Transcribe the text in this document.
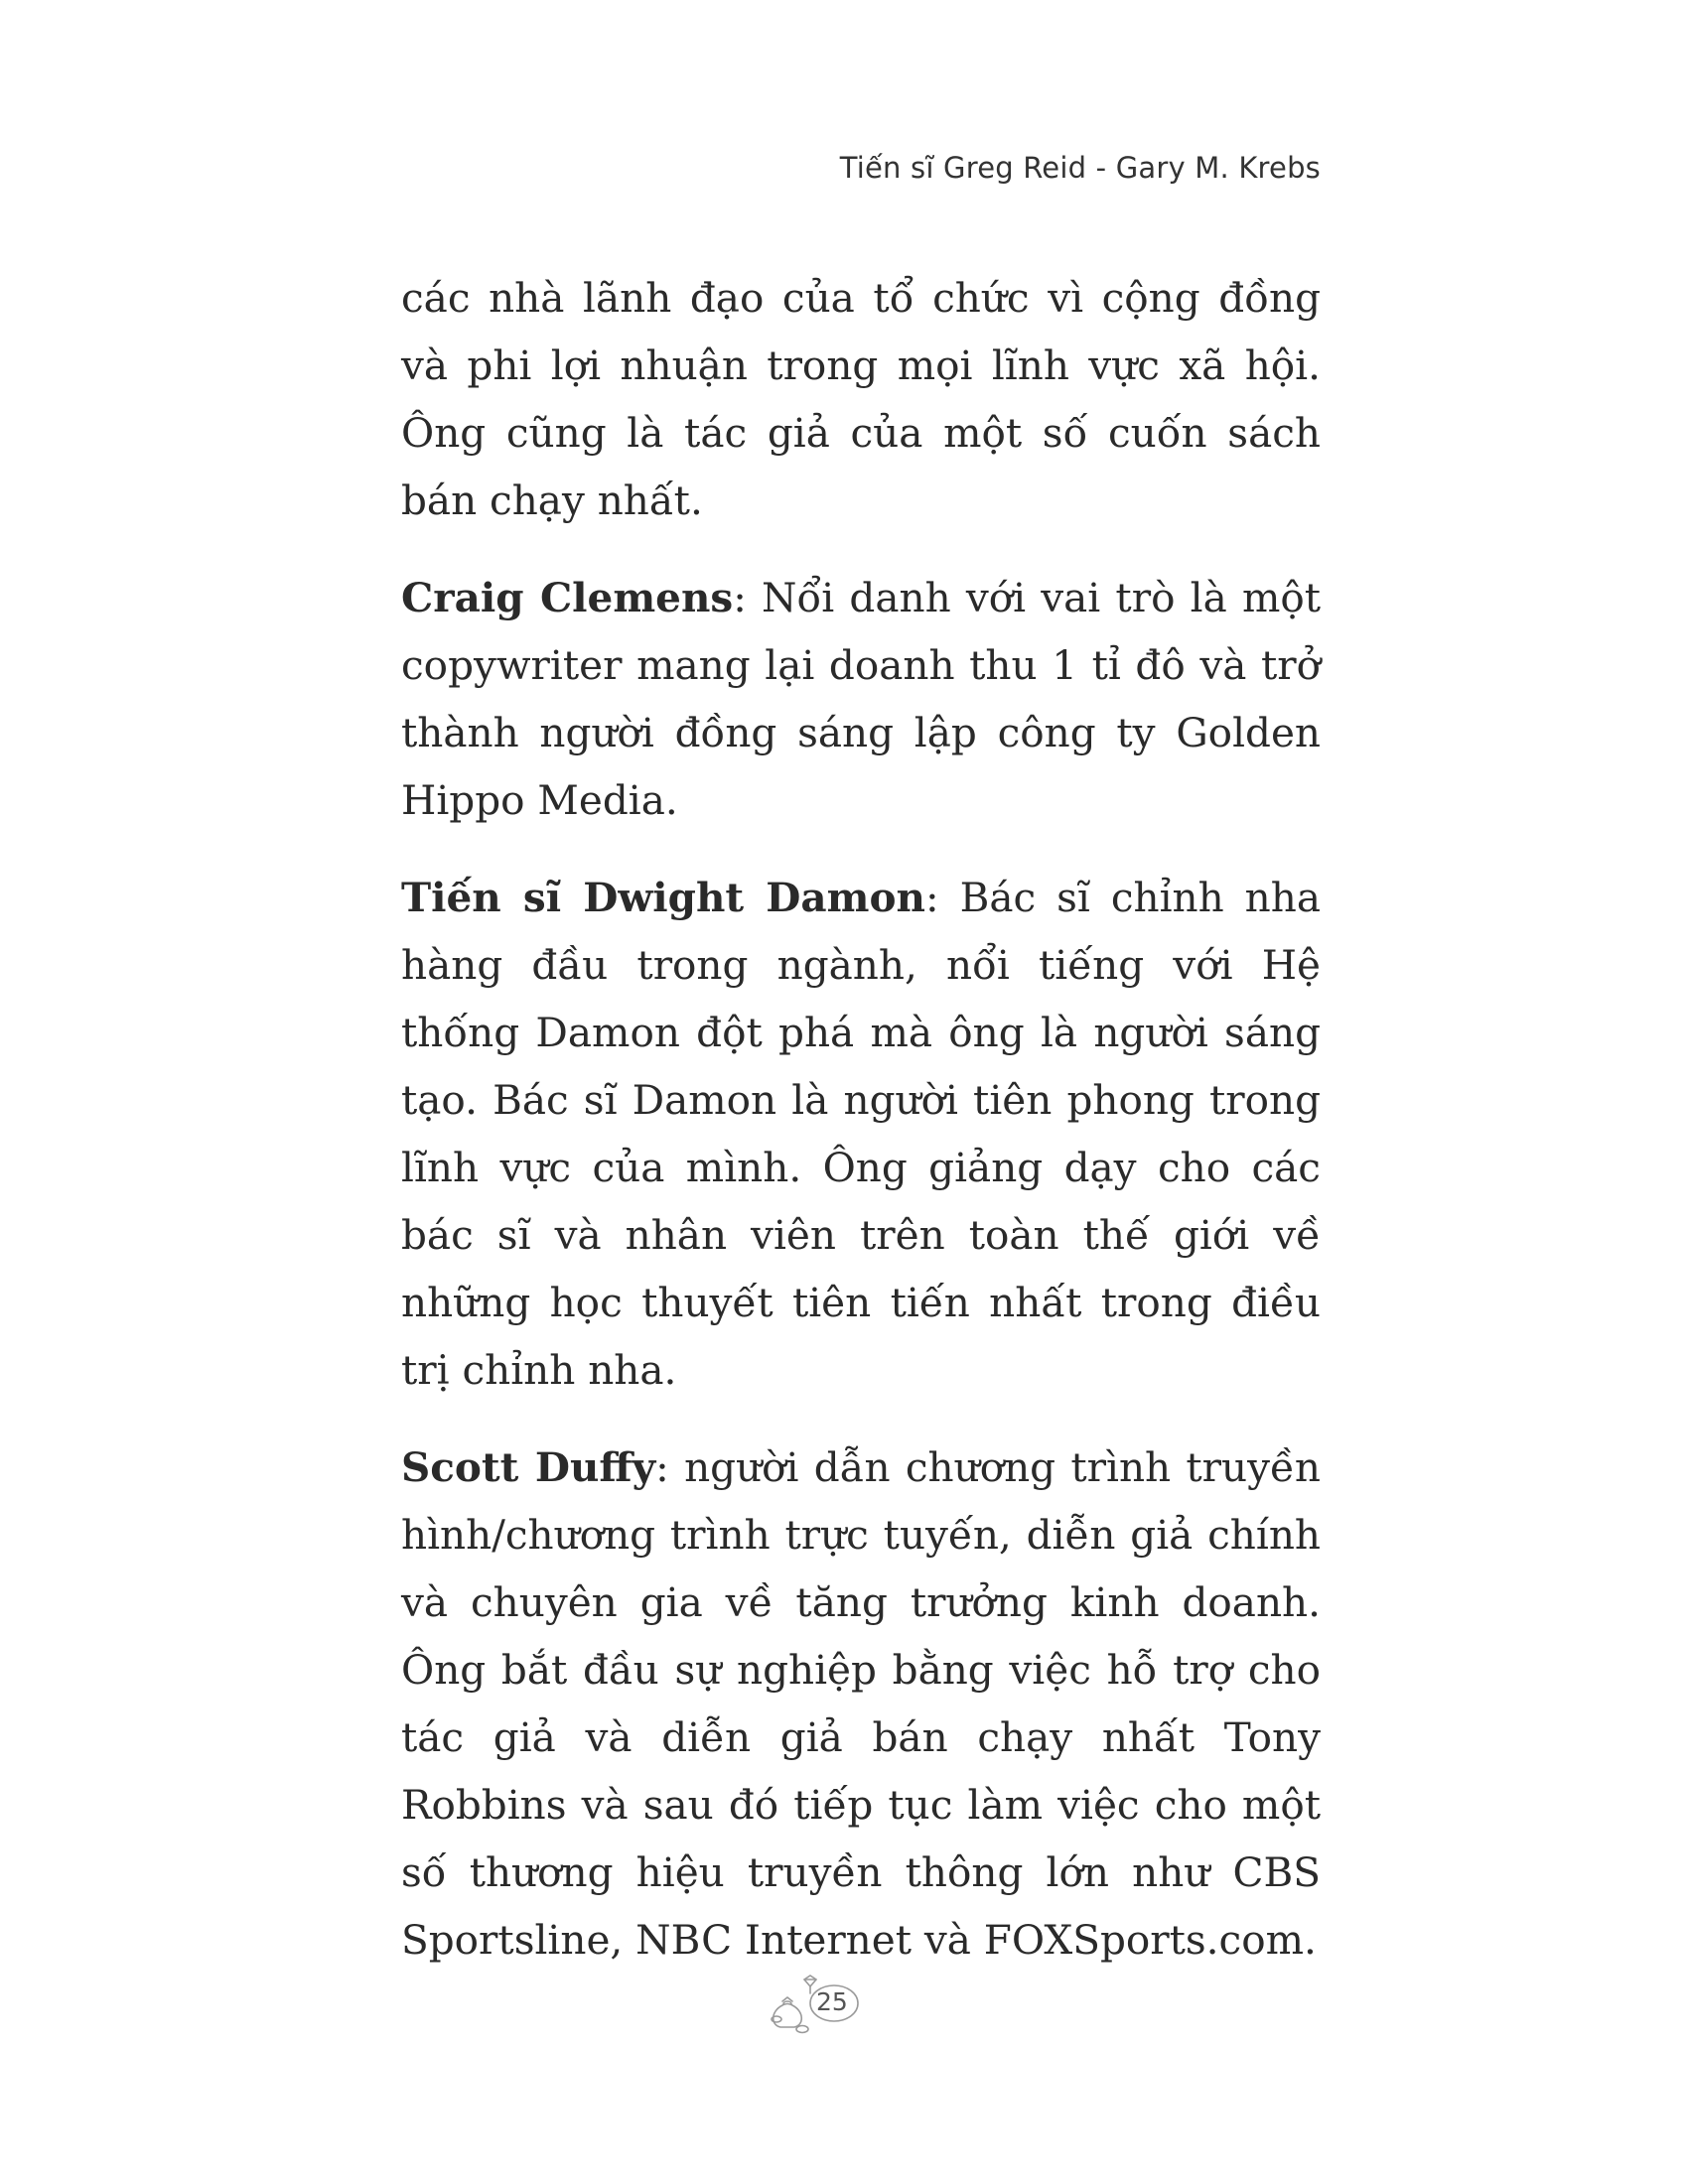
Tiến sĩ Greg Reid - Gary M. Krebs

các nhà lãnh đạo của tổ chức vì cộng đồng và phi lợi nhuận trong mọi lĩnh vực xã hội. Ông cũng là tác giả của một số cuốn sách bán chạy nhất.

Craig Clemens: Nổi danh với vai trò là một copywriter mang lại doanh thu 1 tỉ đô và trở thành người đồng sáng lập công ty Golden Hippo Media.

Tiến sĩ Dwight Damon: Bác sĩ chỉnh nha hàng đầu trong ngành, nổi tiếng với Hệ thống Damon đột phá mà ông là người sáng tạo. Bác sĩ Damon là người tiên phong trong lĩnh vực của mình. Ông giảng dạy cho các bác sĩ và nhân viên trên toàn thế giới về những học thuyết tiên tiến nhất trong điều trị chỉnh nha.

Scott Duffy: người dẫn chương trình truyền hình/chương trình trực tuyến, diễn giả chính và chuyên gia về tăng trưởng kinh doanh. Ông bắt đầu sự nghiệp bằng việc hỗ trợ cho tác giả và diễn giả bán chạy nhất Tony Robbins và sau đó tiếp tục làm việc cho một số thương hiệu truyền thông lớn như CBS Sportsline, NBC Internet và FOXSports.com.

25
